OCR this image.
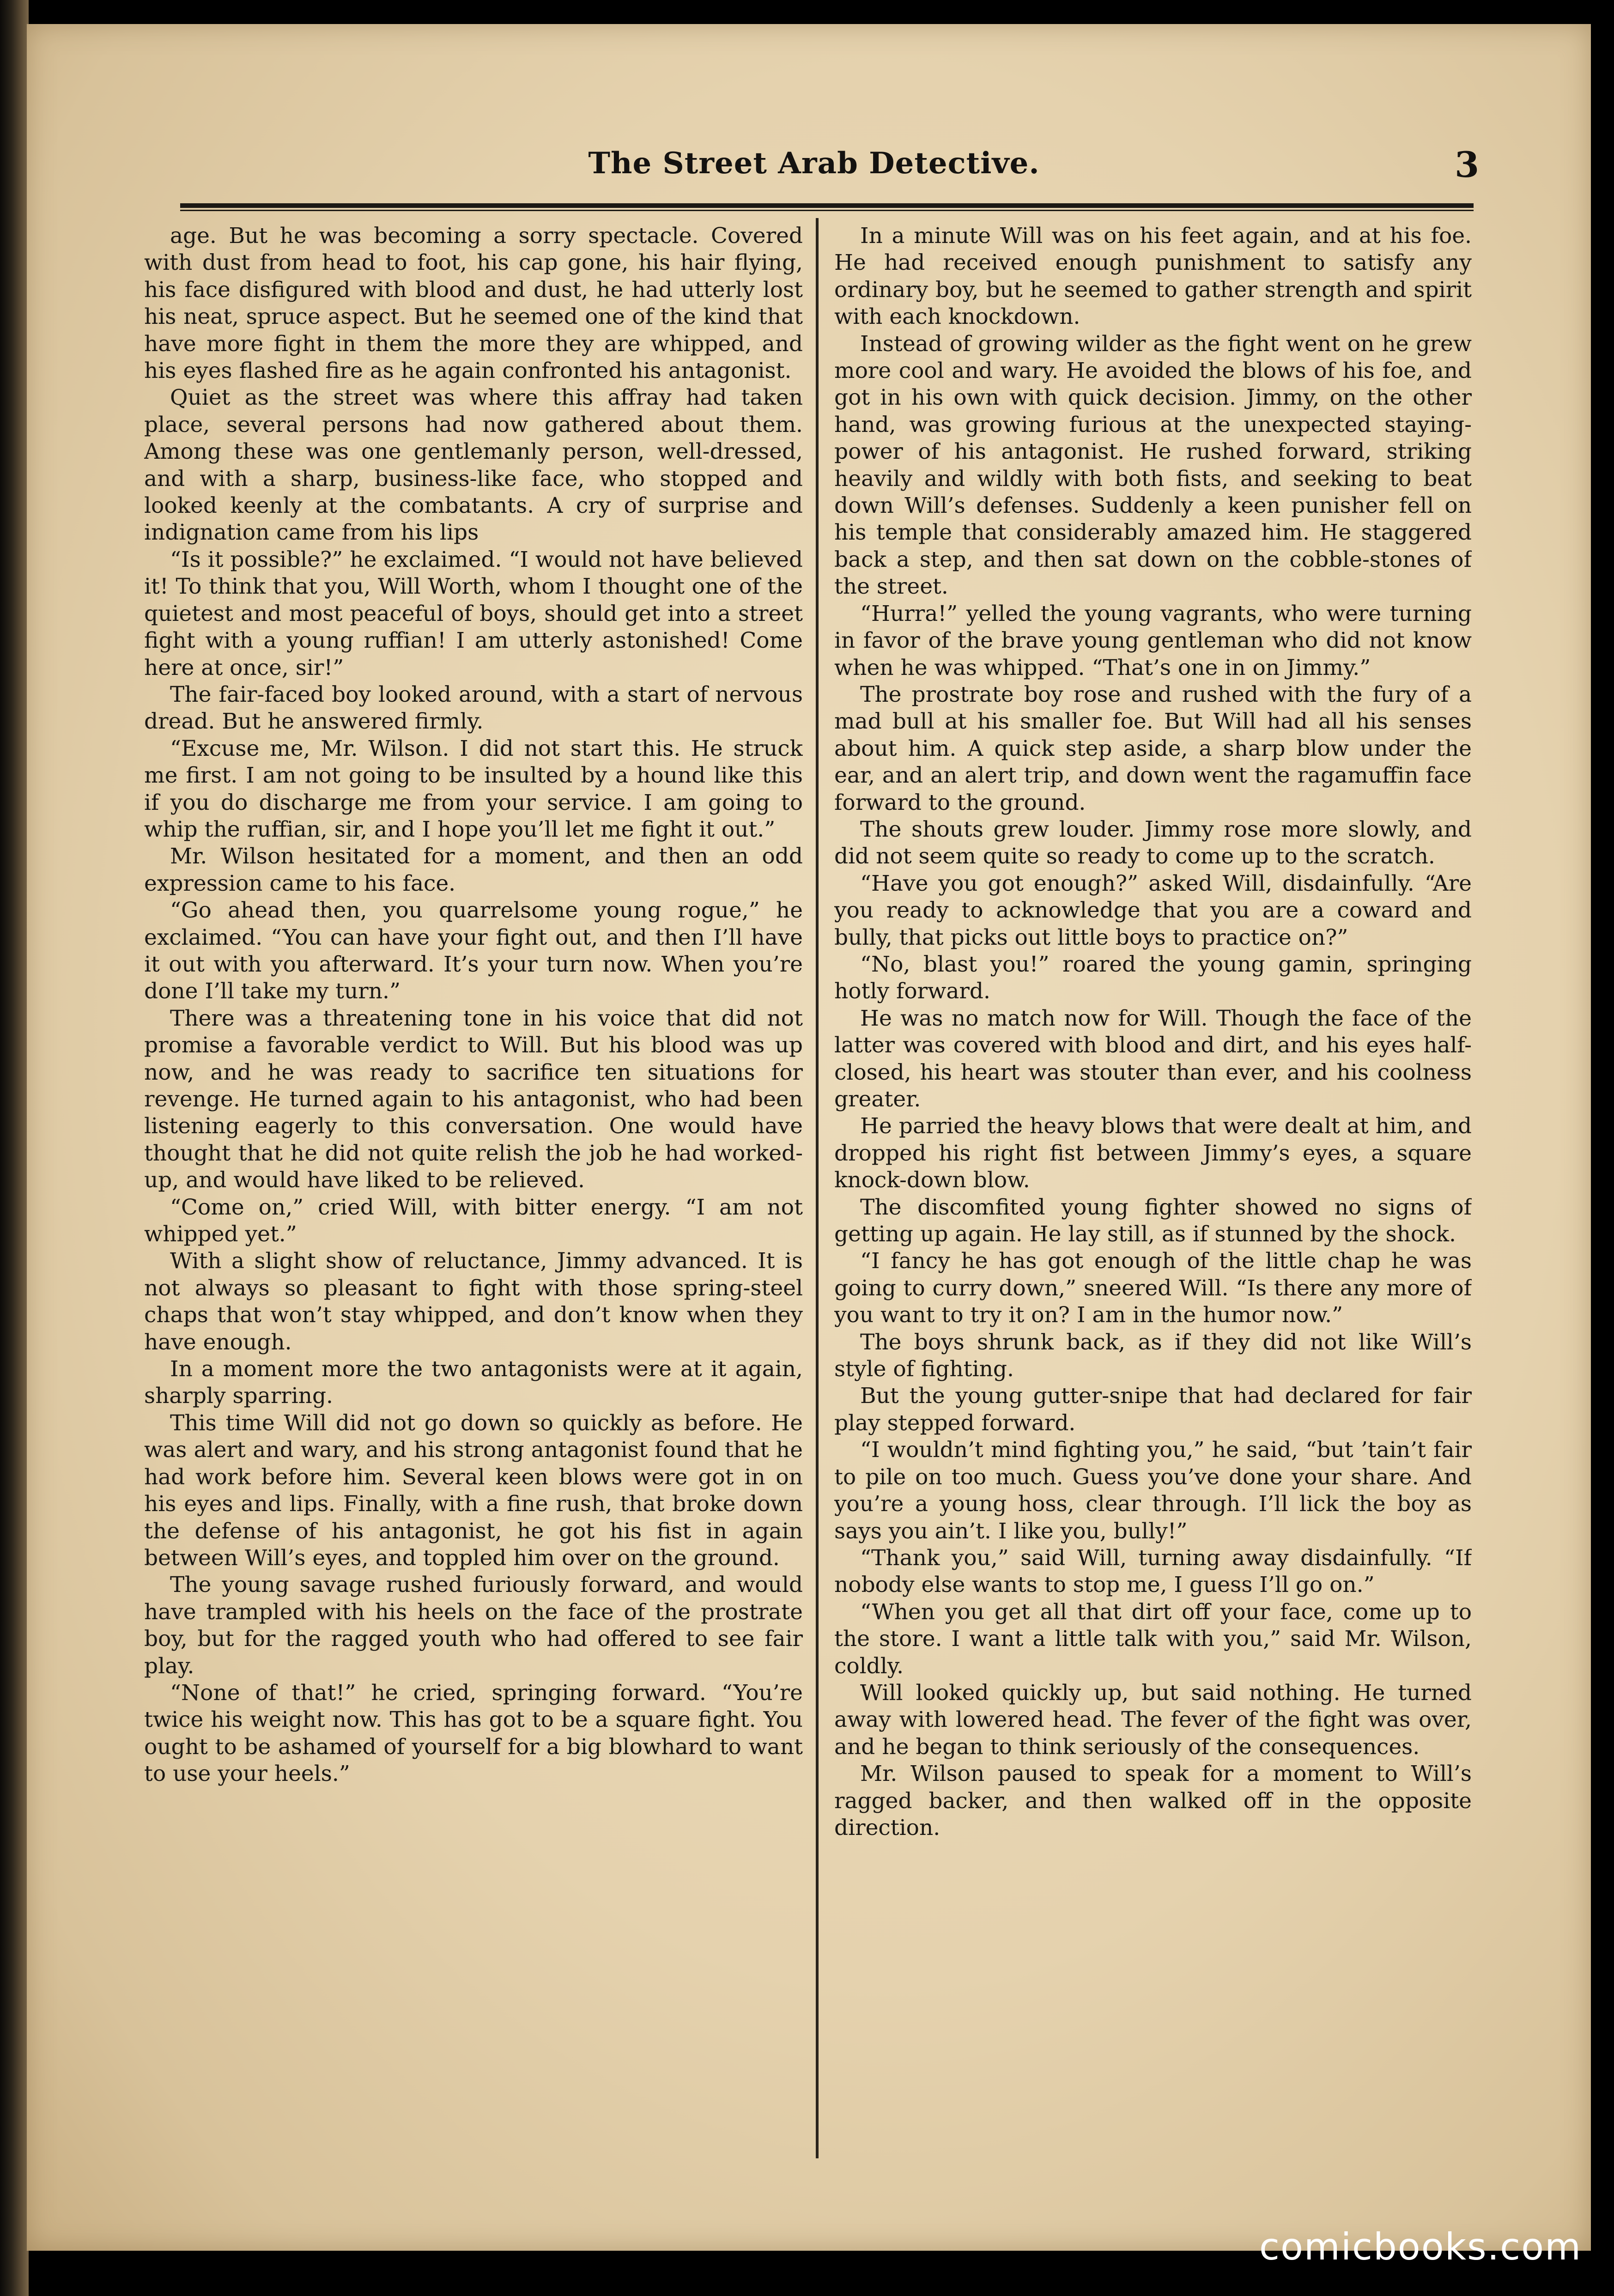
The Street Arab Detective.	3

age. But he was becoming a sorry spectacle. Covered with dust from head to foot, his cap gone, his hair flying, his face disfigured with blood and dust, he had utterly lost his neat, spruce aspect. But he seemed one of the kind that have more fight in them the more they are whipped, and his eyes flashed fire as he again confronted his antagonist.

Quiet as the street was where this affray had taken place, several persons had now gathered about them. Among these was one gentlemanly person, well-dressed, and with a sharp, business-like face, who stopped and looked keenly at the combatants. A cry of surprise and indignation came from his lips

“Is it possible?” he exclaimed. “I would not have believed it! To think that you, Will Worth, whom I thought one of the quietest and most peaceful of boys, should get into a street fight with a young ruffian! I am utterly astonished! Come here at once, sir!”

The fair-faced boy looked around, with a start of nervous dread. But he answered firmly.

“Excuse me, Mr. Wilson. I did not start this. He struck me first. I am not going to be insulted by a hound like this if you do discharge me from your service. I am going to whip the ruffian, sir, and I hope you’ll let me fight it out.”

Mr. Wilson hesitated for a moment, and then an odd expression came to his face.

“Go ahead then, you quarrelsome young rogue,” he exclaimed. “You can have your fight out, and then I’ll have it out with you afterward. It’s your turn now. When you’re done I’ll take my turn.”

There was a threatening tone in his voice that did not promise a favorable verdict to Will. But his blood was up now, and he was ready to sacrifice ten situations for revenge. He turned again to his antagonist, who had been listening eagerly to this conversation. One would have thought that he did not quite relish the job he had worked-up, and would have liked to be relieved.

“Come on,” cried Will, with bitter energy. “I am not whipped yet.”

With a slight show of reluctance, Jimmy advanced. It is not always so pleasant to fight with those spring-steel chaps that won’t stay whipped, and don’t know when they have enough.

In a moment more the two antagonists were at it again, sharply sparring.

This time Will did not go down so quickly as before. He was alert and wary, and his strong antagonist found that he had work before him. Several keen blows were got in on his eyes and lips. Finally, with a fine rush, that broke down the defense of his antagonist, he got his fist in again between Will’s eyes, and toppled him over on the ground.

The young savage rushed furiously forward, and would have trampled with his heels on the face of the prostrate boy, but for the ragged youth who had offered to see fair play.

“None of that!” he cried, springing forward. “You’re twice his weight now. This has got to be a square fight. You ought to be ashamed of yourself for a big blowhard to want to use your heels.”

In a minute Will was on his feet again, and at his foe. He had received enough punishment to satisfy any ordinary boy, but he seemed to gather strength and spirit with each knockdown.

Instead of growing wilder as the fight went on he grew more cool and wary. He avoided the blows of his foe, and got in his own with quick decision. Jimmy, on the other hand, was growing furious at the unexpected staying-power of his antagonist. He rushed forward, striking heavily and wildly with both fists, and seeking to beat down Will’s defenses. Suddenly a keen punisher fell on his temple that considerably amazed him. He staggered back a step, and then sat down on the cobble-stones of the street.

“Hurra!” yelled the young vagrants, who were turning in favor of the brave young gentleman who did not know when he was whipped. “That’s one in on Jimmy.”

The prostrate boy rose and rushed with the fury of a mad bull at his smaller foe. But Will had all his senses about him. A quick step aside, a sharp blow under the ear, and an alert trip, and down went the ragamuffin face forward to the ground.

The shouts grew louder. Jimmy rose more slowly, and did not seem quite so ready to come up to the scratch.

“Have you got enough?” asked Will, disdainfully. “Are you ready to acknowledge that you are a coward and bully, that picks out little boys to practice on?”

“No, blast you!” roared the young gamin, springing hotly forward.

He was no match now for Will. Though the face of the latter was covered with blood and dirt, and his eyes half-closed, his heart was stouter than ever, and his coolness greater.

He parried the heavy blows that were dealt at him, and dropped his right fist between Jimmy’s eyes, a square knock-down blow.

The discomfited young fighter showed no signs of getting up again. He lay still, as if stunned by the shock.

“I fancy he has got enough of the little chap he was going to curry down,” sneered Will. “Is there any more of you want to try it on? I am in the humor now.”

The boys shrunk back, as if they did not like Will’s style of fighting.

But the young gutter-snipe that had declared for fair play stepped forward.

“I wouldn’t mind fighting you,” he said, “but ’tain’t fair to pile on too much. Guess you’ve done your share. And you’re a young hoss, clear through. I’ll lick the boy as says you ain’t. I like you, bully!”

“Thank you,” said Will, turning away disdainfully. “If nobody else wants to stop me, I guess I’ll go on.”

“When you get all that dirt off your face, come up to the store. I want a little talk with you,” said Mr. Wilson, coldly.

Will looked quickly up, but said nothing. He turned away with lowered head. The fever of the fight was over, and he began to think seriously of the consequences.

Mr. Wilson paused to speak for a moment to Will’s ragged backer, and then walked off in the opposite direction.

comicbooks.com
